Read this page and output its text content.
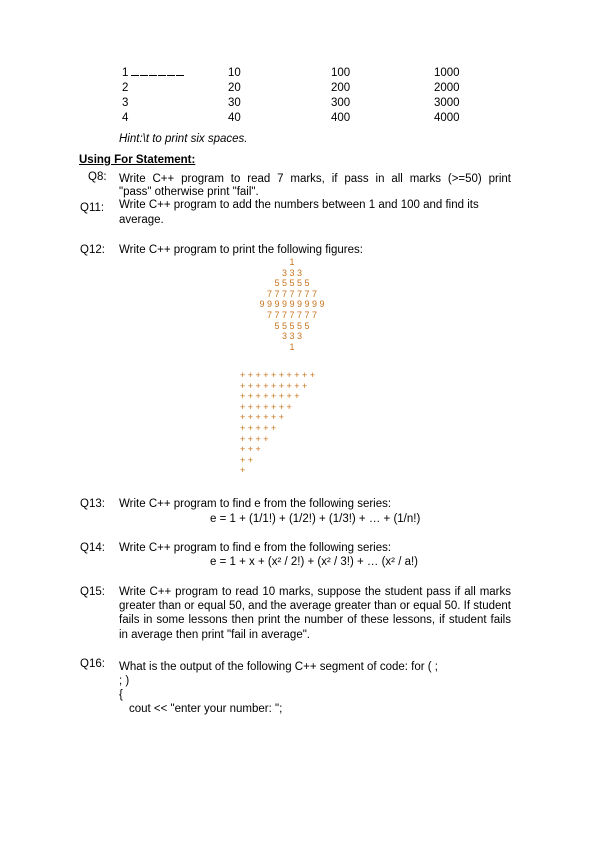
1	10	100	1000
2	20	200	2000
3	30	300	3000
4	40	400	4000
Hint:\t to print six spaces.
Using For Statement:
Q8: Write C++ program to read 7 marks, if pass in all marks (>=50) print
"pass" otherwise print "fail".
Q11: Write C++ program to add the numbers between 1 and 100 and find its
average.
Q12: Write C++ program to print the following figures:
1
3 3 3
5 5 5 5 5
7 7 7 7 7 7 7
9 9 9 9 9 9 9 9 9
7 7 7 7 7 7 7
5 5 5 5 5
3 3 3
1
+ + + + + + + + + +
+ + + + + + + + +
+ + + + + + + +
+ + + + + + +
+ + + + + +
+ + + + +
+ + + +
+ + +
+ +
+
Q13: Write C++ program to find e from the following series:
e = 1 + (1/1!) + (1/2!) + (1/3!) + … + (1/n!)
Q14: Write C++ program to find e from the following series:
e = 1 + x + (x² / 2!) + (x² / 3!) + … (x² / a!)
Q15: Write C++ program to read 10 marks, suppose the student pass if all marks greater than or equal 50, and the average greater than or equal 50. If student fails in some lessons then print the number of these lessons, if student fails in average then print "fail in average".
Q16: What is the output of the following C++ segment of code: for ( ;
; )
{
cout << "enter your number: ";
